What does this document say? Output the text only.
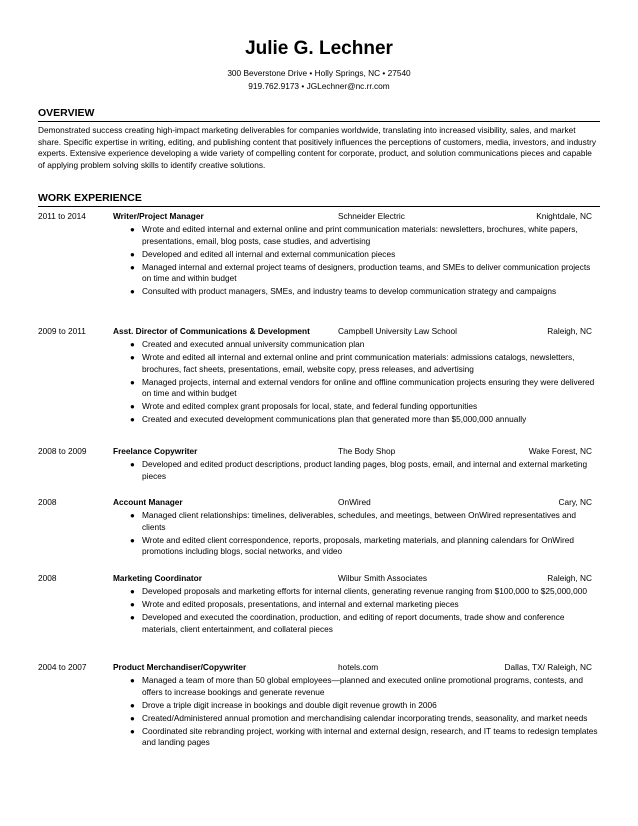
Julie G. Lechner
300 Beverstone Drive • Holly Springs, NC • 27540
919.762.9173 • JGLechner@nc.rr.com
OVERVIEW
Demonstrated success creating high-impact marketing deliverables for companies worldwide, translating into increased visibility, sales, and market share. Specific expertise in writing, editing, and publishing content that positively influences the perceptions of customers, media, investors, and industry experts. Extensive experience developing a wide variety of compelling content for corporate, product, and solution communications pieces and capable of applying problem solving skills to identify creative solutions.
WORK EXPERIENCE
2011 to 2014	Writer/Project Manager	Schneider Electric	Knightdale, NC
● Wrote and edited internal and external online and print communication materials: newsletters, brochures, white papers, presentations, email, blog posts, case studies, and advertising
● Developed and edited all internal and external communication pieces
● Managed internal and external project teams of designers, production teams, and SMEs to deliver communication projects on time and within budget
● Consulted with product managers, SMEs, and industry teams to develop communication strategy and campaigns
2009 to 2011	Asst. Director of Communications & Development	Campbell University Law School	Raleigh, NC
● Created and executed annual university communication plan
● Wrote and edited all internal and external online and print communication materials: admissions catalogs, newsletters, brochures, fact sheets, presentations, email, website copy, press releases, and advertising
● Managed projects, internal and external vendors for online and offline communication projects ensuring they were delivered on time and within budget
● Wrote and edited complex grant proposals for local, state, and federal funding opportunities
● Created and executed development communications plan that generated more than $5,000,000 annually
2008 to 2009	Freelance Copywriter	The Body Shop	Wake Forest, NC
● Developed and edited product descriptions, product landing pages, blog posts, email, and internal and external marketing pieces
2008	Account Manager	OnWired	Cary, NC
● Managed client relationships: timelines, deliverables, schedules, and meetings, between OnWired representatives and clients
● Wrote and edited client correspondence, reports, proposals, marketing materials, and planning calendars for OnWired promotions including blogs, social networks, and video
2008	Marketing Coordinator	Wilbur Smith Associates	Raleigh, NC
● Developed proposals and marketing efforts for internal clients, generating revenue ranging from $100,000 to $25,000,000
● Wrote and edited proposals, presentations, and internal and external marketing pieces
● Developed and executed the coordination, production, and editing of report documents, trade show and conference materials, client entertainment, and collateral pieces
2004 to 2007	Product Merchandiser/Copywriter	hotels.com	Dallas, TX/ Raleigh, NC
● Managed a team of more than 50 global employees—planned and executed online promotional programs, contests, and offers to increase bookings and generate revenue
● Drove a triple digit increase in bookings and double digit revenue growth in 2006
● Created/Administered annual promotion and merchandising calendar incorporating trends, seasonality, and market needs
● Coordinated site rebranding project, working with internal and external design, research, and IT teams to redesign templates and landing pages
